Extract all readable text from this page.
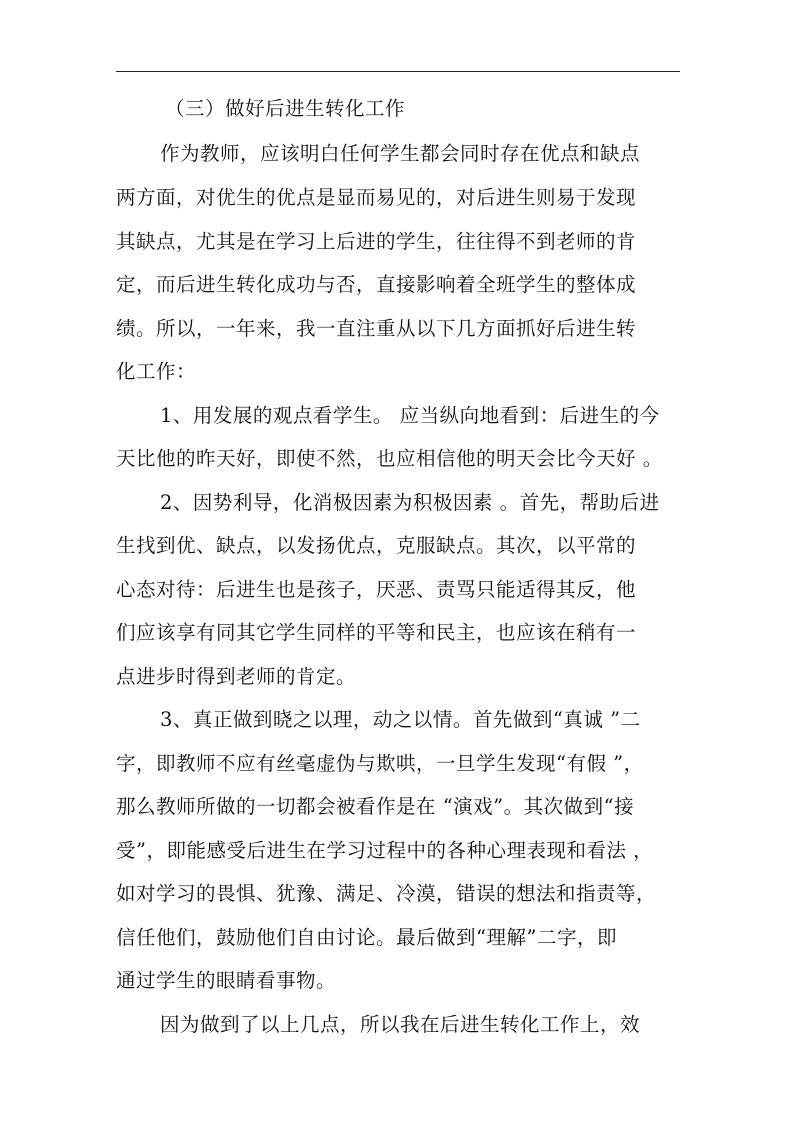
（三）做好后进生转化工作
作为教师，应该明白任何学生都会同时存在优点和缺点
两方面，对优生的优点是显而易见的，对后进生则易于发现
其缺点，尤其是在学习上后进的学生，往往得不到老师的肯
定，而后进生转化成功与否，直接影响着全班学生的整体成
绩。所以，一年来，我一直注重从以下几方面抓好后进生转
化工作：
1、用发展的观点看学生。 应当纵向地看到：后进生的今
天比他的昨天好，即使不然，也应相信他的明天会比今天好 。
2、因势利导，化消极因素为积极因素 。首先，帮助后进
生找到优、缺点，以发扬优点，克服缺点。其次，以平常的
心态对待：后进生也是孩子，厌恶、责骂只能适得其反，他
们应该享有同其它学生同样的平等和民主，也应该在稍有一
点进步时得到老师的肯定。
3、真正做到晓之以理，动之以情。首先做到“真诚 ”二
字，即教师不应有丝毫虚伪与欺哄，一旦学生发现“有假 ”，
那么教师所做的一切都会被看作是在 “演戏”。其次做到“接
受”，即能感受后进生在学习过程中的各种心理表现和看法 ，
如对学习的畏惧、犹豫、满足、冷漠，错误的想法和指责等，
信任他们，鼓励他们自由讨论。最后做到“理解”二字，即
通过学生的眼睛看事物。
因为做到了以上几点，所以我在后进生转化工作上，效
